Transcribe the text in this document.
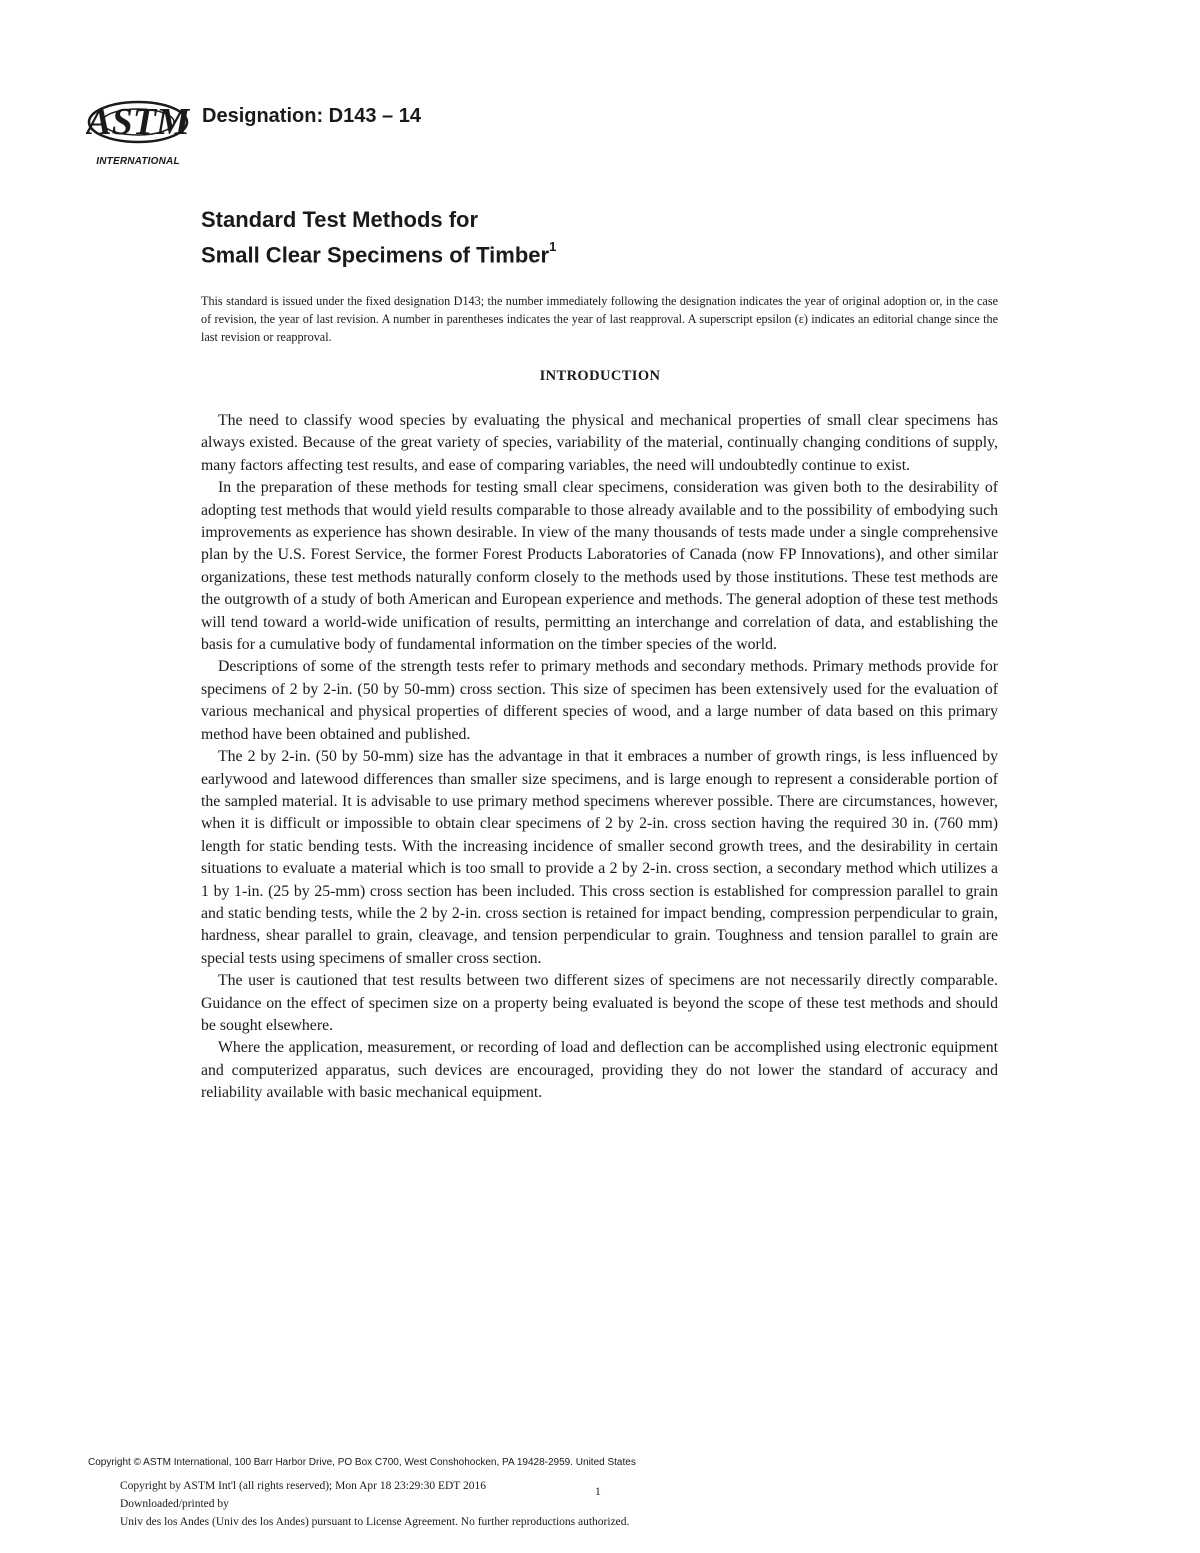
ASTM
INTERNATIONAL
Designation: D143 – 14
Standard Test Methods for
Small Clear Specimens of Timber$^1$
This standard is issued under the fixed designation D143; the number immediately following the designation indicates the year of original adoption or, in the case of revision, the year of last revision. A number in parentheses indicates the year of last reapproval. A superscript epsilon (ε) indicates an editorial change since the last revision or reapproval.
INTRODUCTION

The need to classify wood species by evaluating the physical and mechanical properties of small clear specimens has always existed. Because of the great variety of species, variability of the material, continually changing conditions of supply, many factors affecting test results, and ease of comparing variables, the need will undoubtedly continue to exist.

In the preparation of these methods for testing small clear specimens, consideration was given both to the desirability of adopting test methods that would yield results comparable to those already available and to the possibility of embodying such improvements as experience has shown desirable. In view of the many thousands of tests made under a single comprehensive plan by the U.S. Forest Service, the former Forest Products Laboratories of Canada (now FP Innovations), and other similar organizations, these test methods naturally conform closely to the methods used by those institutions. These test methods are the outgrowth of a study of both American and European experience and methods. The general adoption of these test methods will tend toward a world-wide unification of results, permitting an interchange and correlation of data, and establishing the basis for a cumulative body of fundamental information on the timber species of the world.

Descriptions of some of the strength tests refer to primary methods and secondary methods. Primary methods provide for specimens of 2 by 2-in. (50 by 50-mm) cross section. This size of specimen has been extensively used for the evaluation of various mechanical and physical properties of different species of wood, and a large number of data based on this primary method have been obtained and published.

The 2 by 2-in. (50 by 50-mm) size has the advantage in that it embraces a number of growth rings, is less influenced by earlywood and latewood differences than smaller size specimens, and is large enough to represent a considerable portion of the sampled material. It is advisable to use primary method specimens wherever possible. There are circumstances, however, when it is difficult or impossible to obtain clear specimens of 2 by 2-in. cross section having the required 30 in. (760 mm) length for static bending tests. With the increasing incidence of smaller second growth trees, and the desirability in certain situations to evaluate a material which is too small to provide a 2 by 2-in. cross section, a secondary method which utilizes a 1 by 1-in. (25 by 25-mm) cross section has been included. This cross section is established for compression parallel to grain and static bending tests, while the 2 by 2-in. cross section is retained for impact bending, compression perpendicular to grain, hardness, shear parallel to grain, cleavage, and tension perpendicular to grain. Toughness and tension parallel to grain are special tests using specimens of smaller cross section.

The user is cautioned that test results between two different sizes of specimens are not necessarily directly comparable. Guidance on the effect of specimen size on a property being evaluated is beyond the scope of these test methods and should be sought elsewhere.

Where the application, measurement, or recording of load and deflection can be accomplished using electronic equipment and computerized apparatus, such devices are encouraged, providing they do not lower the standard of accuracy and reliability available with basic mechanical equipment.

Copyright © ASTM International, 100 Barr Harbor Drive, PO Box C700, West Conshohocken, PA 19428-2959. United States
Copyright by ASTM Int'l (all rights reserved); Mon Apr 18 23:29:30 EDT 2016
Downloaded/printed by
Univ des los Andes (Univ des los Andes) pursuant to License Agreement. No further reproductions authorized.
1
